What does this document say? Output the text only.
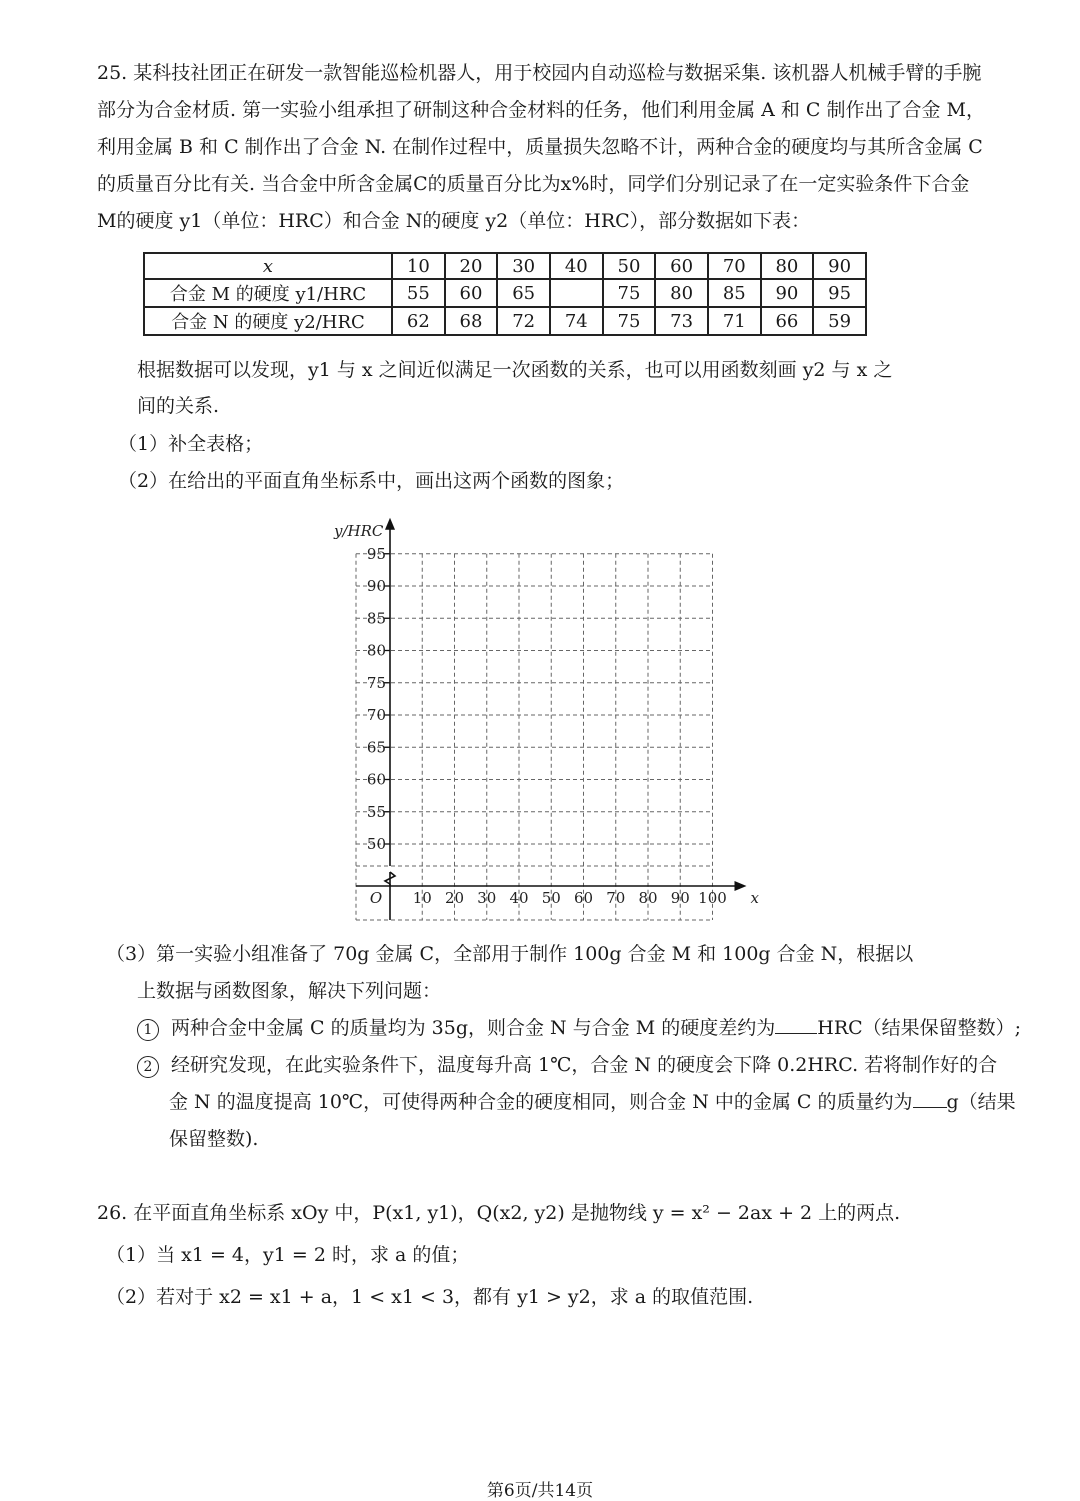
25. 某科技社团正在研发一款智能巡检机器人，用于校园内自动巡检与数据采集. 该机器人机械手臂的手腕

部分为合金材质. 第一实验小组承担了研制这种合金材料的任务，他们利用金属 A 和 C 制作出了合金 M，

利用金属 B 和 C 制作出了合金 N. 在制作过程中，质量损失忽略不计，两种合金的硬度均与其所含金属 C

的质量百分比有关. 当合金中所含金属C的质量百分比为x%时，同学们分别记录了在一定实验条件下合金

M的硬度 y1（单位：HRC）和合金 N的硬度 y2（单位：HRC），部分数据如下表：

x	10	20	30	40	50	60	70	80	90
合金 M 的硬度 y1/HRC	55	60	65		75	80	85	90	95
合金 N 的硬度 y2/HRC	62	68	72	74	75	73	71	66	59
根据数据可以发现，y1 与 x 之间近似满足一次函数的关系，也可以用函数刻画 y2 与 x 之
间的关系.
（1）补全表格；
（2）在给出的平面直角坐标系中，画出这两个函数的图象；
50
55
60
65
70
75
80
85
90
95
10 20 30 40 50 60 70 80 90 100
O
y/HRC
x
（3）第一实验小组准备了 70g 金属 C，全部用于制作 100g 合金 M 和 100g 合金 N，根据以
上数据与函数图象，解决下列问题：
1 两种合金中金属 C 的质量均为 35g，则合金 N 与合金 M 的硬度差约为 HRC（结果保留整数）;
2 经研究发现，在此实验条件下，温度每升高 1℃，合金 N 的硬度会下降 0.2HRC. 若将制作好的合
金 N 的温度提高 10℃，可使得两种合金的硬度相同，则合金 N 中的金属 C 的质量约为 g（结果
保留整数).
26. 在平面直角坐标系 xOy 中，P(x1, y1)，Q(x2, y2) 是抛物线 y = x² − 2ax + 2 上的两点.
（1）当 x1 = 4，y1 = 2 时，求 a 的值；
（2）若对于 x2 = x1 + a，1 < x1 < 3，都有 y1 > y2，求 a 的取值范围.
第6页/共14页
